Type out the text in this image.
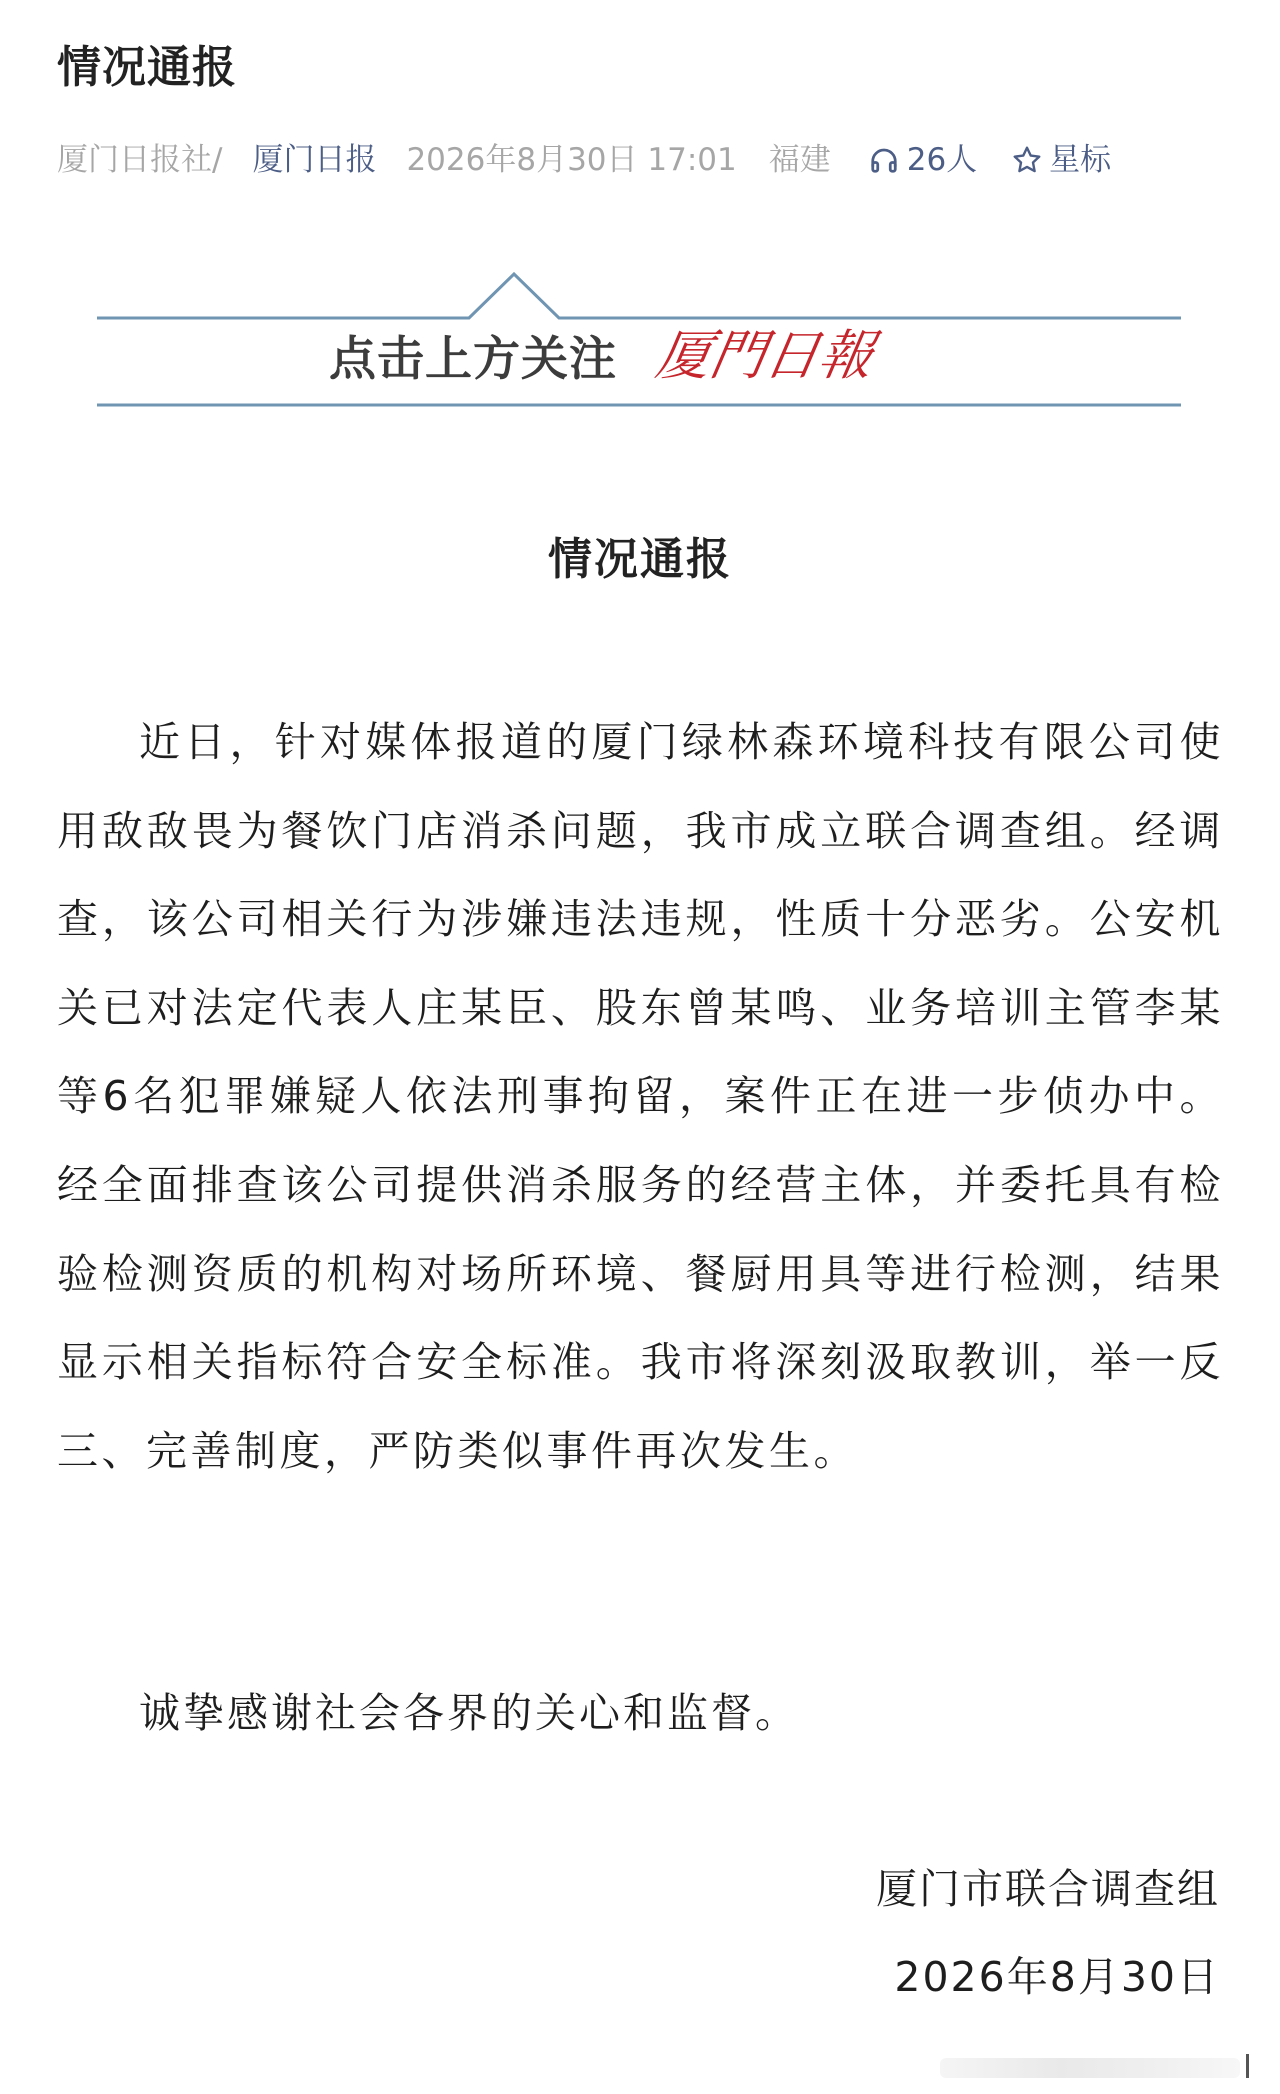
情况通报
厦门日报社/ 厦门日报 2026年8月30日 17:01 福建 26人 星标
点击上方关注 厦門日報
情况通报

近日，针对媒体报道的厦门绿林森环境科技有限公司使用敌敌畏为餐饮门店消杀问题，我市成立联合调查组。经调查，该公司相关行为涉嫌违法违规，性质十分恶劣。公安机关已对法定代表人庄某臣、股东曾某鸣、业务培训主管李某等6名犯罪嫌疑人依法刑事拘留，案件正在进一步侦办中。经全面排查该公司提供消杀服务的经营主体，并委托具有检验检测资质的机构对场所环境、餐厨用具等进行检测，结果显示相关指标符合安全标准。我市将深刻汲取教训，举一反三、完善制度，严防类似事件再次发生。

诚挚感谢社会各界的关心和监督。

厦门市联合调查组
2026年8月30日
